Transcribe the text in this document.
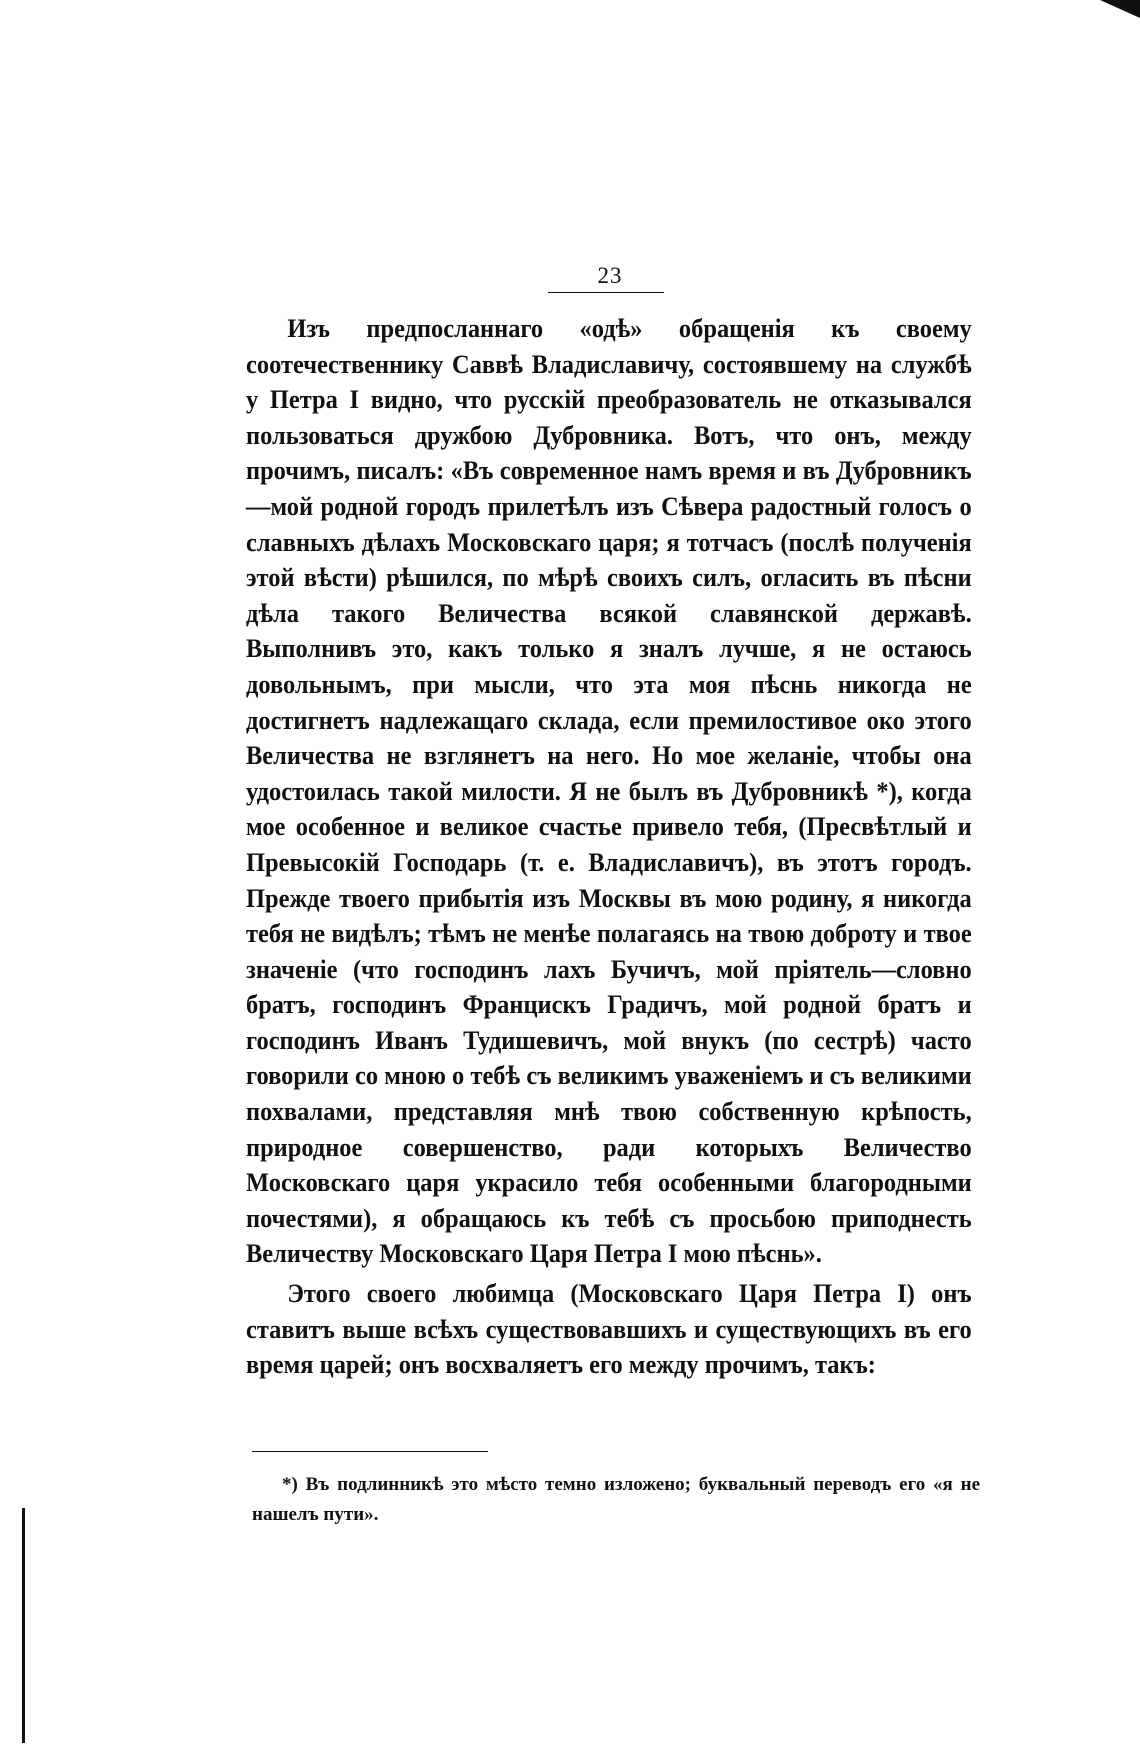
23

Изъ предпосланнаго «одѣ» обращенія къ своему соотечественнику Саввѣ Владиславичу, состоявшему на службѣ у Петра I видно, что русскій преобразователь не отказывался пользоваться дружбою Дубровника. Вотъ, что онъ, между прочимъ, писалъ: «Въ современное намъ время и въ Дубровникъ—мой родной городъ прилетѣлъ изъ Сѣвера радостный голосъ о славныхъ дѣлахъ Московскаго царя; я тотчасъ (послѣ полученія этой вѣсти) рѣшился, по мѣрѣ своихъ силъ, огласить въ пѣсни дѣла такого Величества всякой славянской державѣ. Выполнивъ это, какъ только я зналъ лучше, я не остаюсь довольнымъ, при мысли, что эта моя пѣснь никогда не достигнетъ надлежащаго склада, если премилостивое око этого Величества не взглянетъ на него. Но мое желаніе, чтобы она удостоилась такой милости. Я не былъ въ Дубровникѣ *), когда мое особенное и великое счастье привело тебя, (Пресвѣтлый и Превысокій Господарь (т. е. Владиславичъ), въ этотъ городъ. Прежде твоего прибытія изъ Москвы въ мою родину, я никогда тебя не видѣлъ; тѣмъ не менѣе полагаясь на твою доброту и твое значеніе (что господинъ лахъ Бучичъ, мой пріятель—словно братъ, господинъ Францискъ Градичъ, мой родной братъ и господинъ Иванъ Тудишевичъ, мой внукъ (по сестрѣ) часто говорили со мною о тебѣ съ великимъ уваженіемъ и съ великими похвалами, представляя мнѣ твою собственную крѣпость, природное совершенство, ради которыхъ Величество Московскаго царя украсило тебя особенными благородными почестями), я обращаюсь къ тебѣ съ просьбою приподнесть Величеству Московскаго Царя Петра I мою пѣснь».

Этого своего любимца (Московскаго Царя Петра I) онъ ставитъ выше всѣхъ существовавшихъ и существующихъ въ его время царей; онъ восхваляетъ его между прочимъ, такъ:

*) Въ подлинникѣ это мѣсто темно изложено; буквальный переводъ его «я не нашелъ пути».
